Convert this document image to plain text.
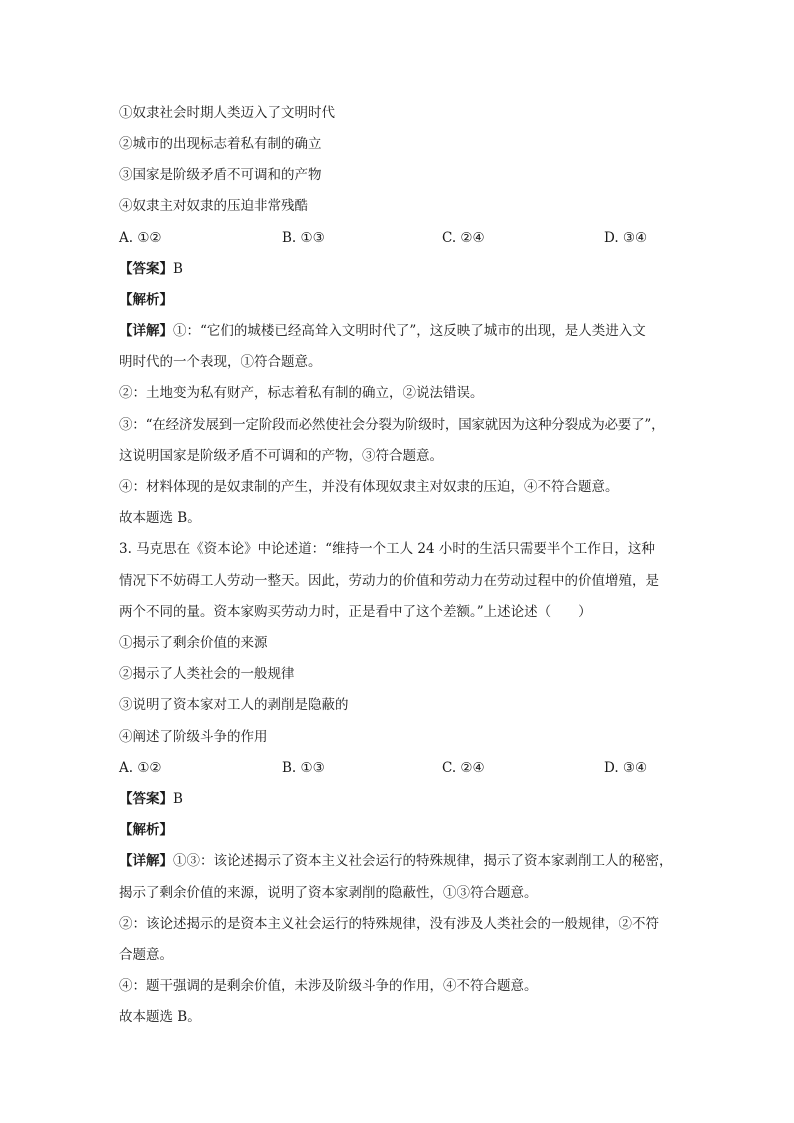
①奴隶社会时期人类迈入了文明时代
②城市的出现标志着私有制的确立
③国家是阶级矛盾不可调和的产物
④奴隶主对奴隶的压迫非常残酷
A. ①②	B. ①③	C. ②④	D. ③④
【答案】B
【解析】
【详解】①：“它们的城楼已经高耸入文明时代了”，这反映了城市的出现，是人类进入文
明时代的一个表现，①符合题意。
②：土地变为私有财产，标志着私有制的确立，②说法错误。
③：“在经济发展到一定阶段而必然使社会分裂为阶级时，国家就因为这种分裂成为必要了”，
这说明国家是阶级矛盾不可调和的产物，③符合题意。
④：材料体现的是奴隶制的产生，并没有体现奴隶主对奴隶的压迫，④不符合题意。
故本题选 B。
3. 马克思在《资本论》中论述道：“维持一个工人 24 小时的生活只需要半个工作日，这种
情况下不妨碍工人劳动一整天。因此，劳动力的价值和劳动力在劳动过程中的价值增殖，是
两个不同的量。资本家购买劳动力时，正是看中了这个差额。”上述论述（　　）
①揭示了剩余价值的来源
②揭示了人类社会的一般规律
③说明了资本家对工人的剥削是隐蔽的
④阐述了阶级斗争的作用
A. ①②	B. ①③	C. ②④	D. ③④
【答案】B
【解析】
【详解】①③：该论述揭示了资本主义社会运行的特殊规律，揭示了资本家剥削工人的秘密，
揭示了剩余价值的来源，说明了资本家剥削的隐蔽性，①③符合题意。
②：该论述揭示的是资本主义社会运行的特殊规律，没有涉及人类社会的一般规律，②不符
合题意。
④：题干强调的是剩余价值，未涉及阶级斗争的作用，④不符合题意。
故本题选 B。
